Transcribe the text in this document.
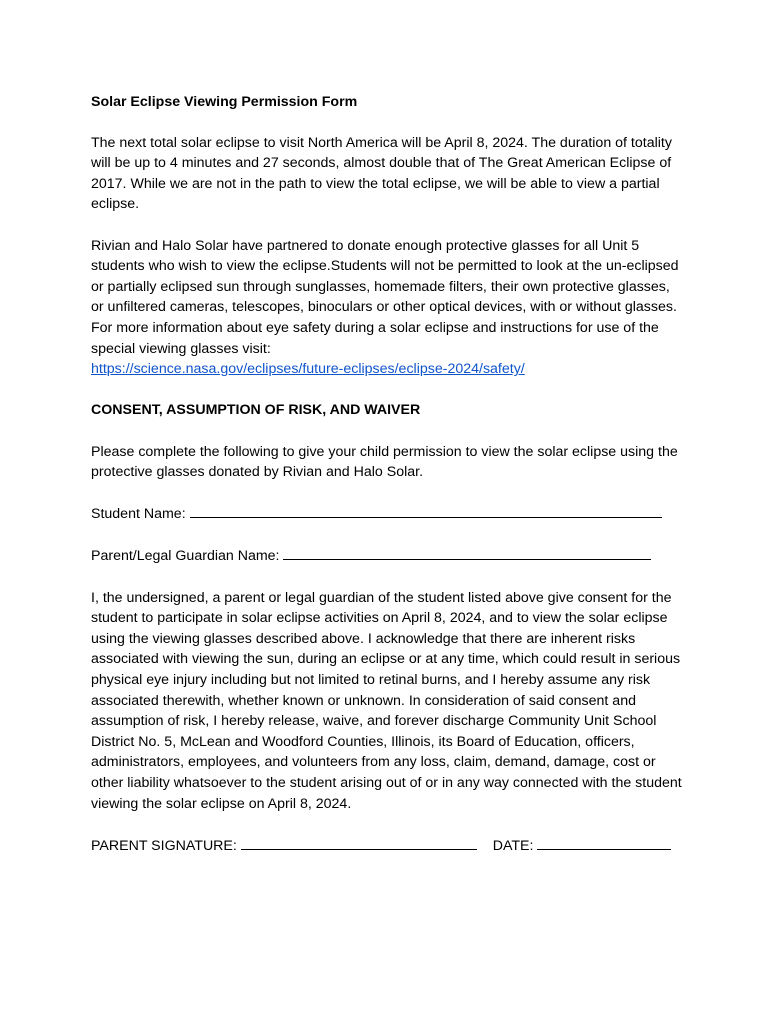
Solar Eclipse Viewing Permission Form
The next total solar eclipse to visit North America will be April 8, 2024. The duration of totality will be up to 4 minutes and 27 seconds, almost double that of The Great American Eclipse of 2017. While we are not in the path to view the total eclipse, we will be able to view a partial eclipse.
Rivian and Halo Solar have partnered to donate enough protective glasses for all Unit 5 students who wish to view the eclipse.Students will not be permitted to look at the un-eclipsed or partially eclipsed sun through sunglasses, homemade filters, their own protective glasses, or unfiltered cameras, telescopes, binoculars or other optical devices, with or without glasses. For more information about eye safety during a solar eclipse and instructions for use of the special viewing glasses visit:
https://science.nasa.gov/eclipses/future-eclipses/eclipse-2024/safety/
CONSENT, ASSUMPTION OF RISK, AND WAIVER
Please complete the following to give your child permission to view the solar eclipse using the protective glasses donated by Rivian and Halo Solar.
Student Name:
Parent/Legal Guardian Name:
I, the undersigned, a parent or legal guardian of the student listed above give consent for the student to participate in solar eclipse activities on April 8, 2024, and to view the solar eclipse using the viewing glasses described above. I acknowledge that there are inherent risks associated with viewing the sun, during an eclipse or at any time, which could result in serious physical eye injury including but not limited to retinal burns, and I hereby assume any risk associated therewith, whether known or unknown. In consideration of said consent and assumption of risk, I hereby release, waive, and forever discharge Community Unit School District No. 5, McLean and Woodford Counties, Illinois, its Board of Education, officers, administrators, employees, and volunteers from any loss, claim, demand, damage, cost or other liability whatsoever to the student arising out of or in any way connected with the student viewing the solar eclipse on April 8, 2024.
PARENT SIGNATURE:	DATE:
